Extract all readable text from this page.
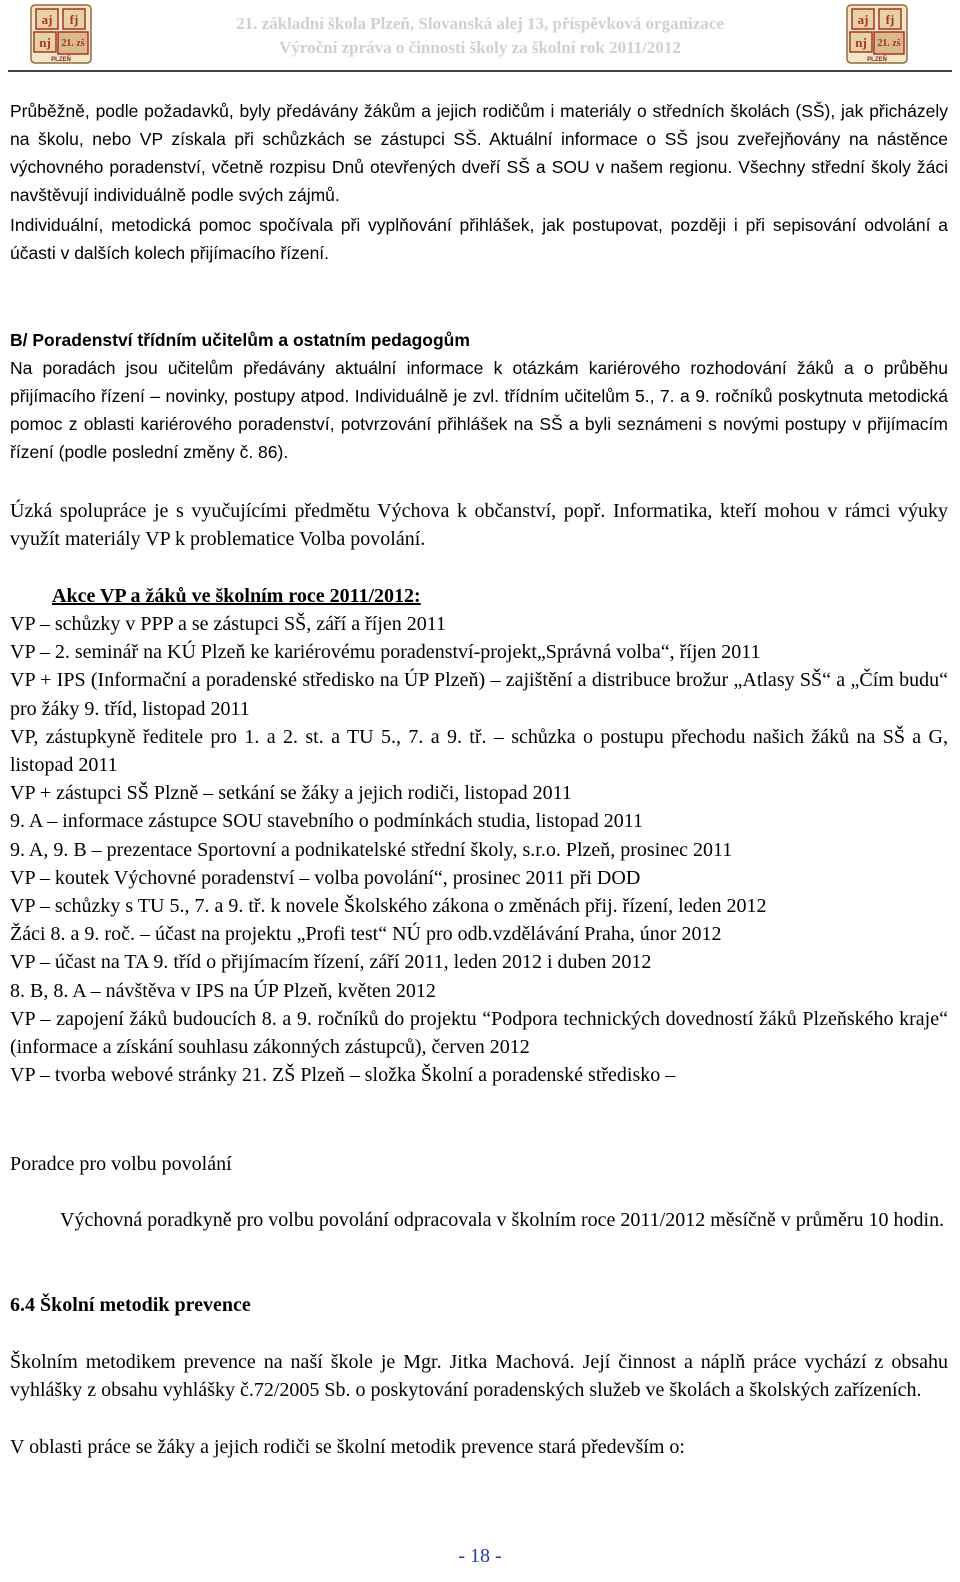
aj fj
nj 21. zš
PLZEŇ
21. základní škola Plzeň, Slovanská alej 13, příspěvková organizace
Výroční zpráva o činnosti školy za školní rok 2011/2012
aj fj
nj 21. zš
PLZEŇ

Průběžně, podle požadavků, byly předávány žákům a jejich rodičům i materiály o středních školách (SŠ), jak přicházely na školu, nebo VP získala při schůzkách se zástupci SŠ. Aktuální informace o SŠ jsou zveřejňovány na nástěnce výchovného poradenství, včetně rozpisu Dnů otevřených dveří SŠ a SOU v našem regionu. Všechny střední školy žáci navštěvují individuálně podle svých zájmů.

Individuální, metodická pomoc spočívala při vyplňování přihlášek, jak postupovat, později i při sepisování odvolání a účasti v dalších kolech přijímacího řízení.

B/ Poradenství třídním učitelům a ostatním pedagogům

Na poradách jsou učitelům předávány aktuální informace k otázkám kariérového rozhodování žáků a o průběhu přijímacího řízení – novinky, postupy atpod. Individuálně je zvl. třídním učitelům 5., 7. a 9. ročníků poskytnuta metodická pomoc z oblasti kariérového poradenství, potvrzování přihlášek na SŠ a byli seznámeni s novými postupy v přijímacím řízení (podle poslední změny č. 86).

Úzká spolupráce je s vyučujícími předmětu Výchova k občanství, popř. Informatika, kteří mohou v rámci výuky využít materiály VP k problematice Volba povolání.

Akce VP a žáků ve školním roce 2011/2012:

VP – schůzky v PPP a se zástupci SŠ, září a říjen 2011
VP – 2. seminář na KÚ Plzeň ke kariérovému poradenství-projekt„Správná volba“, říjen 2011
VP + IPS (Informační a poradenské středisko na ÚP Plzeň) – zajištění a distribuce brožur „Atlasy SŠ“ a „Čím budu“ pro žáky 9. tříd, listopad 2011
VP, zástupkyně ředitele pro 1. a 2. st. a TU 5., 7. a 9. tř. – schůzka o postupu přechodu našich žáků na SŠ a G, listopad 2011
VP + zástupci SŠ Plzně – setkání se žáky a jejich rodiči, listopad 2011
9. A – informace zástupce SOU stavebního o podmínkách studia, listopad 2011
9. A, 9. B – prezentace Sportovní a podnikatelské střední školy, s.r.o. Plzeň, prosinec 2011
VP – koutek Výchovné poradenství – volba povolání“, prosinec 2011 při DOD
VP – schůzky s TU 5., 7. a 9. tř. k novele Školského zákona o změnách přij. řízení, leden 2012
Žáci 8. a 9. roč. – účast na projektu „Profi test“ NÚ pro odb.vzdělávání Praha, únor 2012
VP – účast na TA 9. tříd o přijímacím řízení, září 2011, leden 2012 i duben 2012
8. B, 8. A – návštěva v IPS na ÚP Plzeň, květen 2012
VP – zapojení žáků budoucích 8. a 9. ročníků do projektu “Podpora technických dovedností žáků Plzeňského kraje“ (informace a získání souhlasu zákonných zástupců), červen 2012
VP – tvorba webové stránky 21. ZŠ Plzeň – složka Školní a poradenské středisko –

Poradce pro volbu povolání

Výchovná poradkyně pro volbu povolání odpracovala v školním roce 2011/2012 měsíčně v průměru 10 hodin.

6.4 Školní metodik prevence

Školním metodikem prevence na naší škole je Mgr. Jitka Machová. Její činnost a náplň práce vychází z obsahu vyhlášky z obsahu vyhlášky č.72/2005 Sb. o poskytování poradenských služeb ve školách a školských zařízeních.

V oblasti práce se žáky a jejich rodiči se školní metodik prevence stará především o:

- 18 -
